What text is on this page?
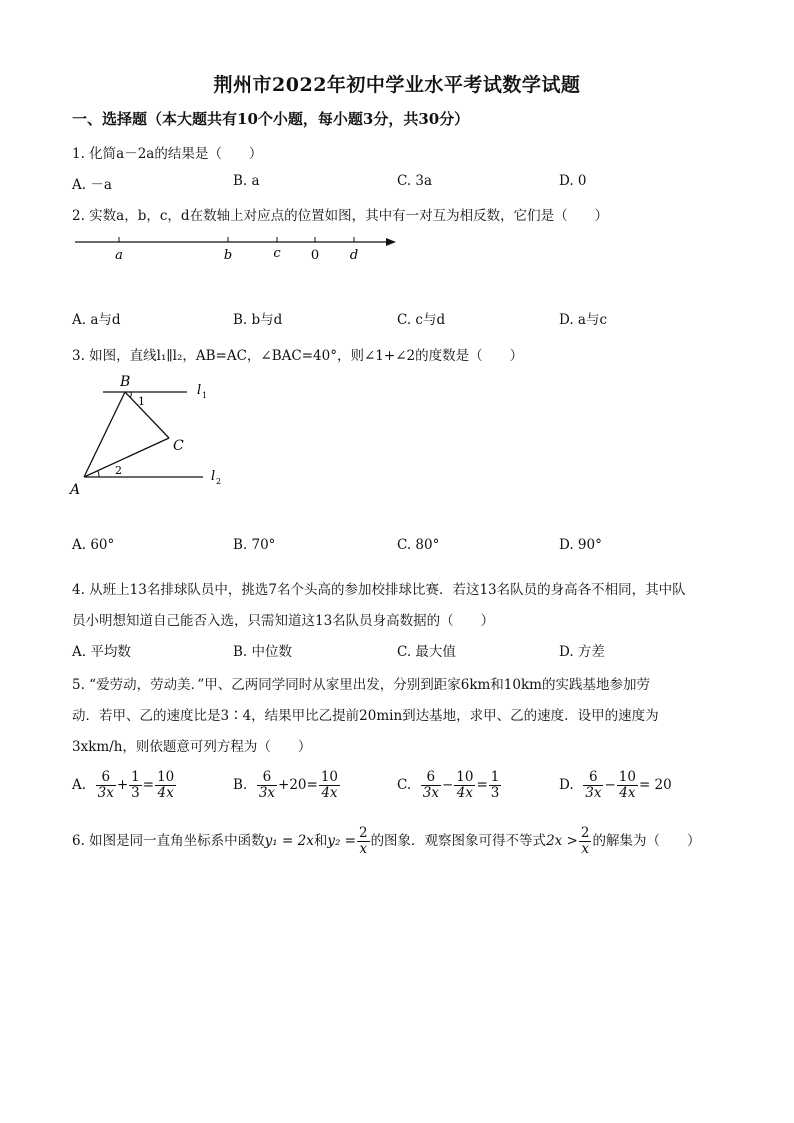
荆州市2022年初中学业水平考试数学试题
一、选择题（本大题共有10个小题，每小题3分，共30分）
1. 化简a－2a的结果是（　　）
A. －a	B. a	C. 3a	D. 0
2. 实数a，b，c，d在数轴上对应点的位置如图，其中有一对互为相反数，它们是（　　）
a	b	c 0 d
A. a与d	B. b与d	C. c与d	D. a与c
3. 如图，直线l₁∥l₂，AB=AC，∠BAC=40°，则∠1+∠2的度数是（　　）
B
C
A
1
2
l 1
l 2
A. 60°	B. 70°	C. 80°	D. 90°
4. 从班上13名排球队员中，挑选7名个头高的参加校排球比赛．若这13名队员的身高各不相同，其中队
员小明想知道自己能否入选，只需知道这13名队员身高数据的（　　）
A. 平均数	B. 中位数	C. 最大值	D. 方差
5. “爱劳动，劳动美．”甲、乙两同学同时从家里出发，分别到距家6km和10km的实践基地参加劳
动．若甲、乙的速度比是3∶4，结果甲比乙提前20min到达基地，求甲、乙的速度．设甲的速度为
3xkm/h，则依题意可列方程为（　　）
A. $\frac{6}{3x} + \frac{1}{3} = \frac{10}{4x}$	B. $\frac{6}{3x} +20= \frac{10}{4x}$	C. $\frac{6}{3x} - \frac{10}{4x} = \frac{1}{3}$	D. $\frac{6}{3x} - \frac{10}{4x} = 20$
6. 如图是同一直角坐标系中函数y₁ = 2x和$y_2 = \frac{2}{x}$ 的图象．观察图象可得不等式$2x > \frac{2}{x}$ 的解集为（　　）
